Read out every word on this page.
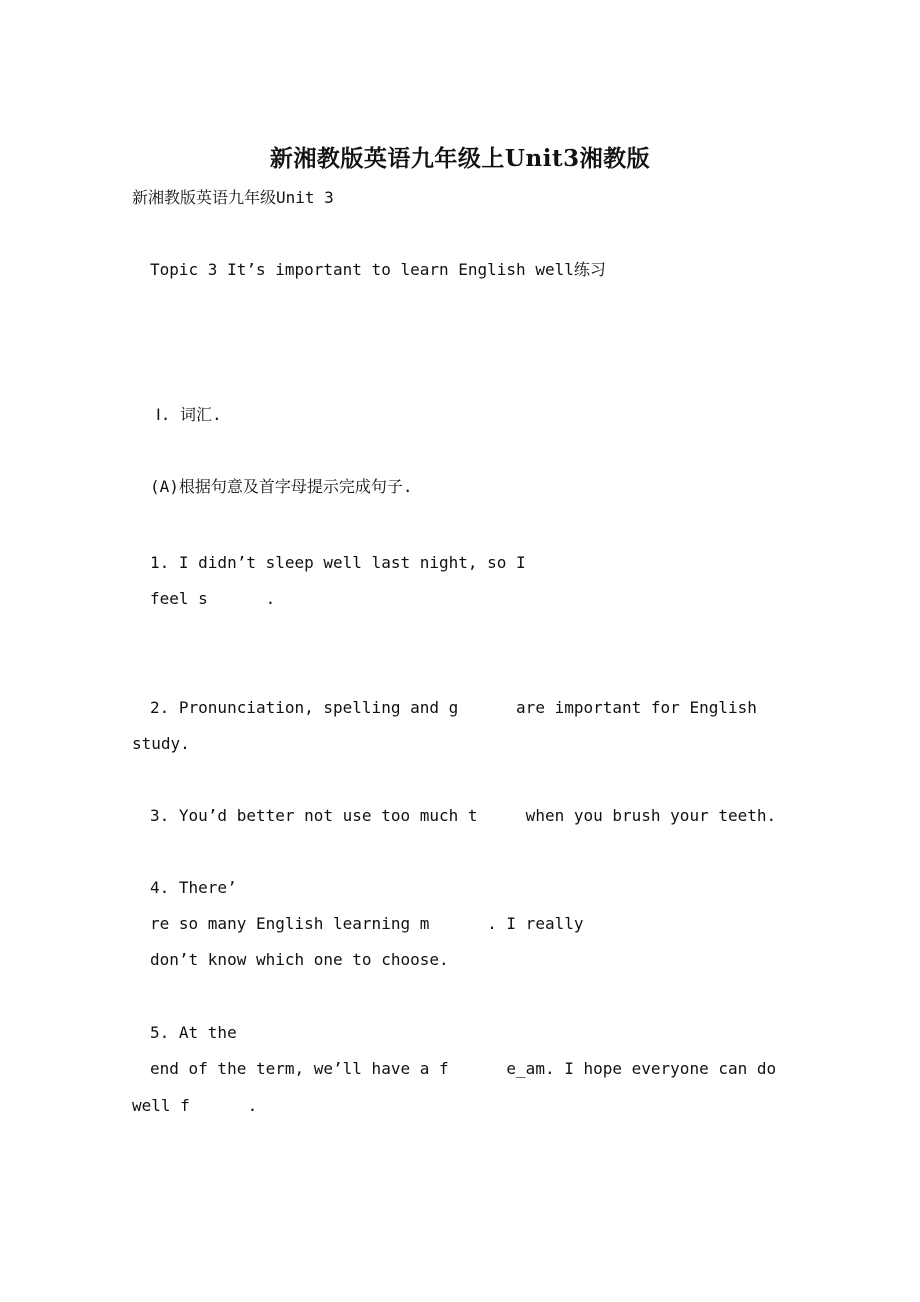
新湘教版英语九年级上Unit3湘教版
新湘教版英语九年级Unit 3
Topic 3 It’s important to learn English well练习
Ⅰ. 词汇.
(A)根据句意及首字母提示完成句子.
1. I didn’t sleep well last night, so I
feel s      .
2. Pronunciation, spelling and g      are important for English
study.
3. You’d better not use too much t     when you brush your teeth.
4. There’
re so many English learning m      . I really
don’t know which one to choose.
5. At the
end of the term, we’ll have a f      e_am. I hope everyone can do
well f      .
